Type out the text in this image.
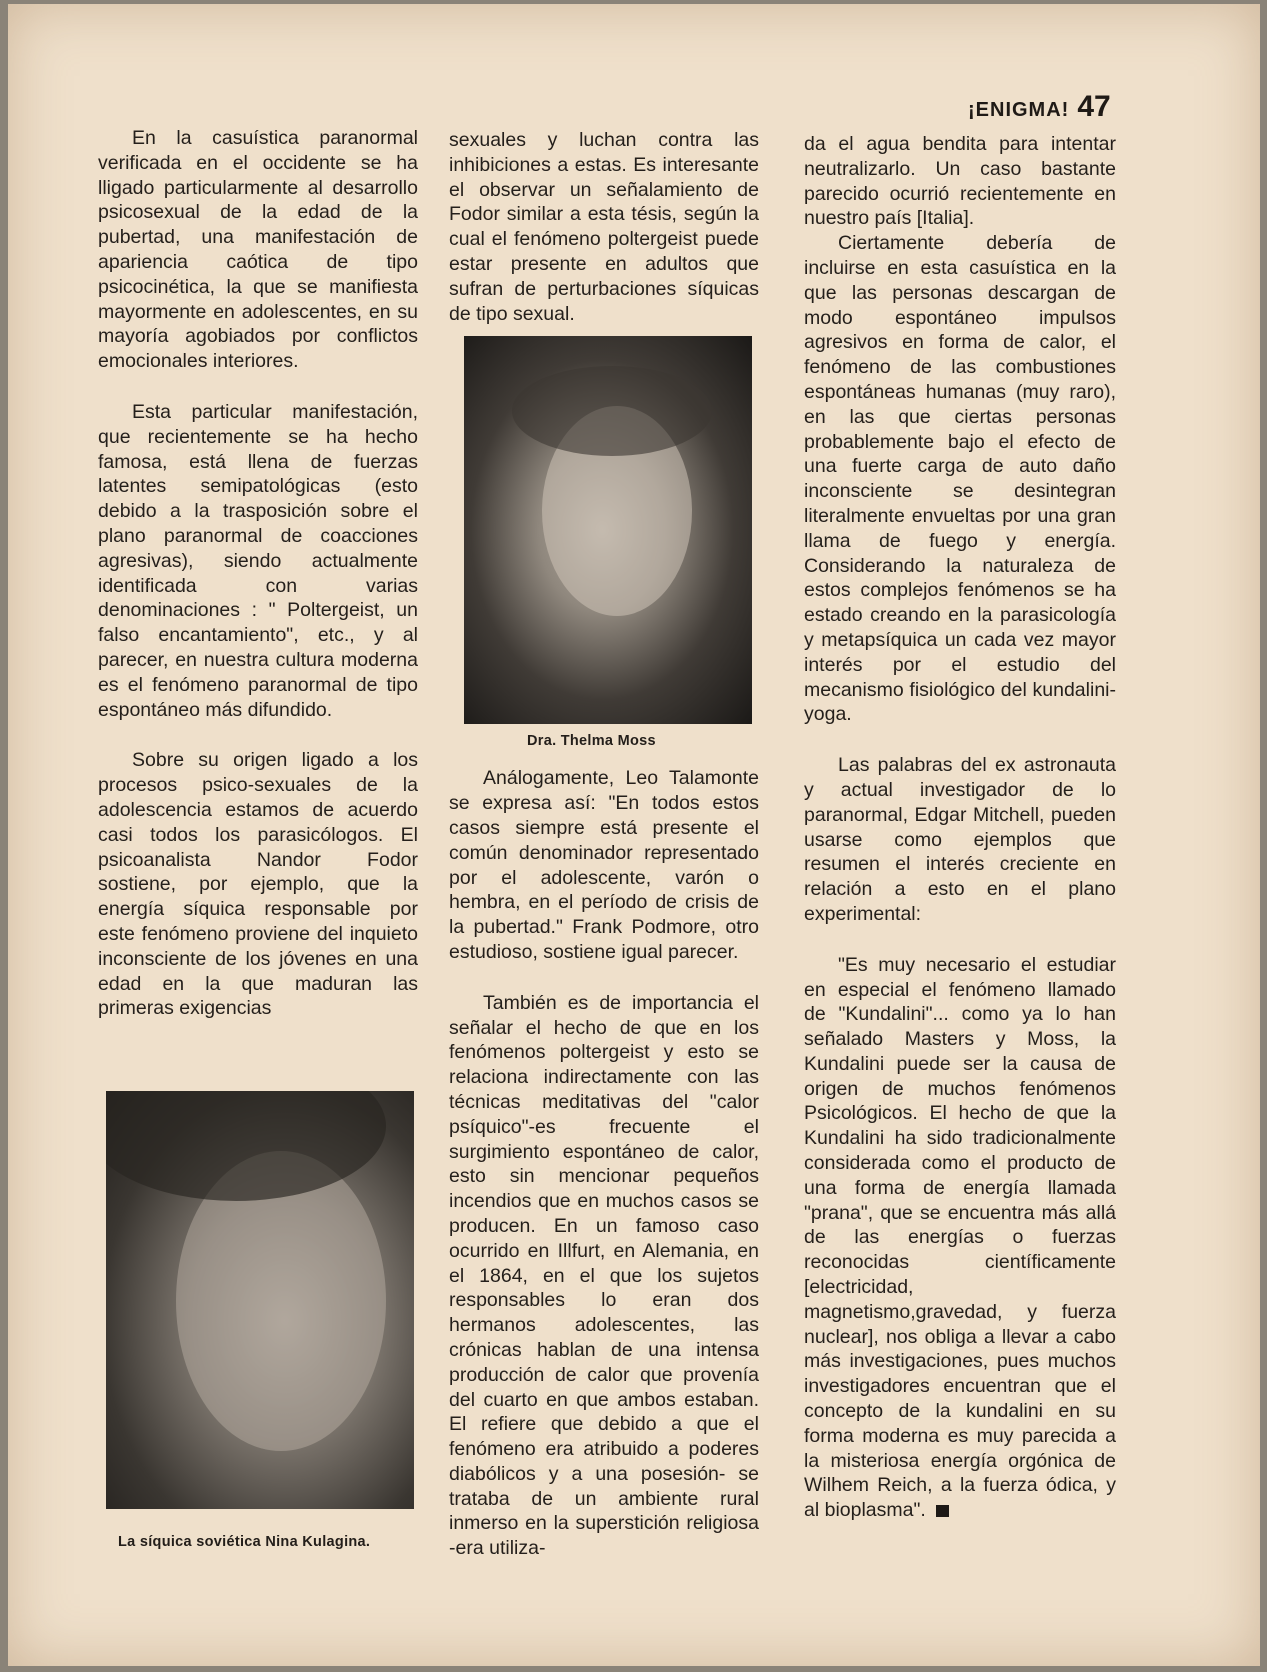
¡ENIGMA! 47

En la casuística paranormal verificada en el occidente se ha lligado particularmente al desarrollo psicosexual de la edad de la pubertad, una manifestación de apariencia caótica de tipo psicocinética, la que se manifiesta mayormente en adolescentes, en su mayoría agobiados por conflictos emocionales interiores.

Esta particular manifestación, que recientemente se ha hecho famosa, está llena de fuerzas latentes semipatológicas (esto debido a la trasposición sobre el plano paranormal de coacciones agresivas), siendo actualmente identificada con varias denominaciones : " Poltergeist, un falso encantamiento", etc., y al parecer, en nuestra cultura moderna es el fenómeno paranormal de tipo espontáneo más difundido.

Sobre su origen ligado a los procesos psico-sexuales de la adolescencia estamos de acuerdo casi todos los parasicólogos. El psicoanalista Nandor Fodor sostiene, por ejemplo, que la energía síquica responsable por este fenómeno proviene del inquieto inconsciente de los jóvenes en una edad en la que maduran las primeras exigencias

sexuales y luchan contra las inhibiciones a estas. Es interesante el observar un señalamiento de Fodor similar a esta tésis, según la cual el fenómeno poltergeist puede estar presente en adultos que sufran de perturbaciones síquicas de tipo sexual.

Análogamente, Leo Talamonte se expresa así: "En todos estos casos siempre está presente el común denominador representado por el adolescente, varón o hembra, en el período de crisis de la pubertad." Frank Podmore, otro estudioso, sostiene igual parecer.

También es de importancia el señalar el hecho de que en los fenómenos poltergeist y esto se relaciona indirectamente con las técnicas meditativas del "calor psíquico"-es frecuente el surgimiento espontáneo de calor, esto sin mencionar pequeños incendios que en muchos casos se producen. En un famoso caso ocurrido en Illfurt, en Alemania, en el 1864, en el que los sujetos responsables lo eran dos hermanos adolescentes, las crónicas hablan de una intensa producción de calor que provenía del cuarto en que ambos estaban. El refiere que debido a que el fenómeno era atribuido a poderes diabólicos y a una posesión- se trataba de un ambiente rural inmerso en la superstición religiosa -era utiliza-

da el agua bendita para intentar neutralizarlo. Un caso bastante parecido ocurrió recientemente en nuestro país [Italia].

Ciertamente debería de incluirse en esta casuística en la que las personas descargan de modo espontáneo impulsos agresivos en forma de calor, el fenómeno de las combustiones espontáneas humanas (muy raro), en las que ciertas personas probablemente bajo el efecto de una fuerte carga de auto daño inconsciente se desintegran literalmente envueltas por una gran llama de fuego y energía. Considerando la naturaleza de estos complejos fenómenos se ha estado creando en la parasicología y metapsíquica un cada vez mayor interés por el estudio del mecanismo fisiológico del kundalini-yoga.

Las palabras del ex astronauta y actual investigador de lo paranormal, Edgar Mitchell, pueden usarse como ejemplos que resumen el interés creciente en relación a esto en el plano experimental:

"Es muy necesario el estudiar en especial el fenómeno llamado de "Kundalini"... como ya lo han señalado Masters y Moss, la Kundalini puede ser la causa de origen de muchos fenómenos Psicológicos. El hecho de que la Kundalini ha sido tradicionalmente considerada como el producto de una forma de energía llamada "prana", que se encuentra más allá de las energías o fuerzas reconocidas científicamente [electricidad, magnetismo,gravedad, y fuerza nuclear], nos obliga a llevar a cabo más investigaciones, pues muchos investigadores encuentran que el concepto de la kundalini en su forma moderna es muy parecida a la misteriosa energía orgónica de Wilhem Reich, a la fuerza ódica, y al bioplasma".

Dra. Thelma Moss
La síquica soviética Nina Kulagina.
